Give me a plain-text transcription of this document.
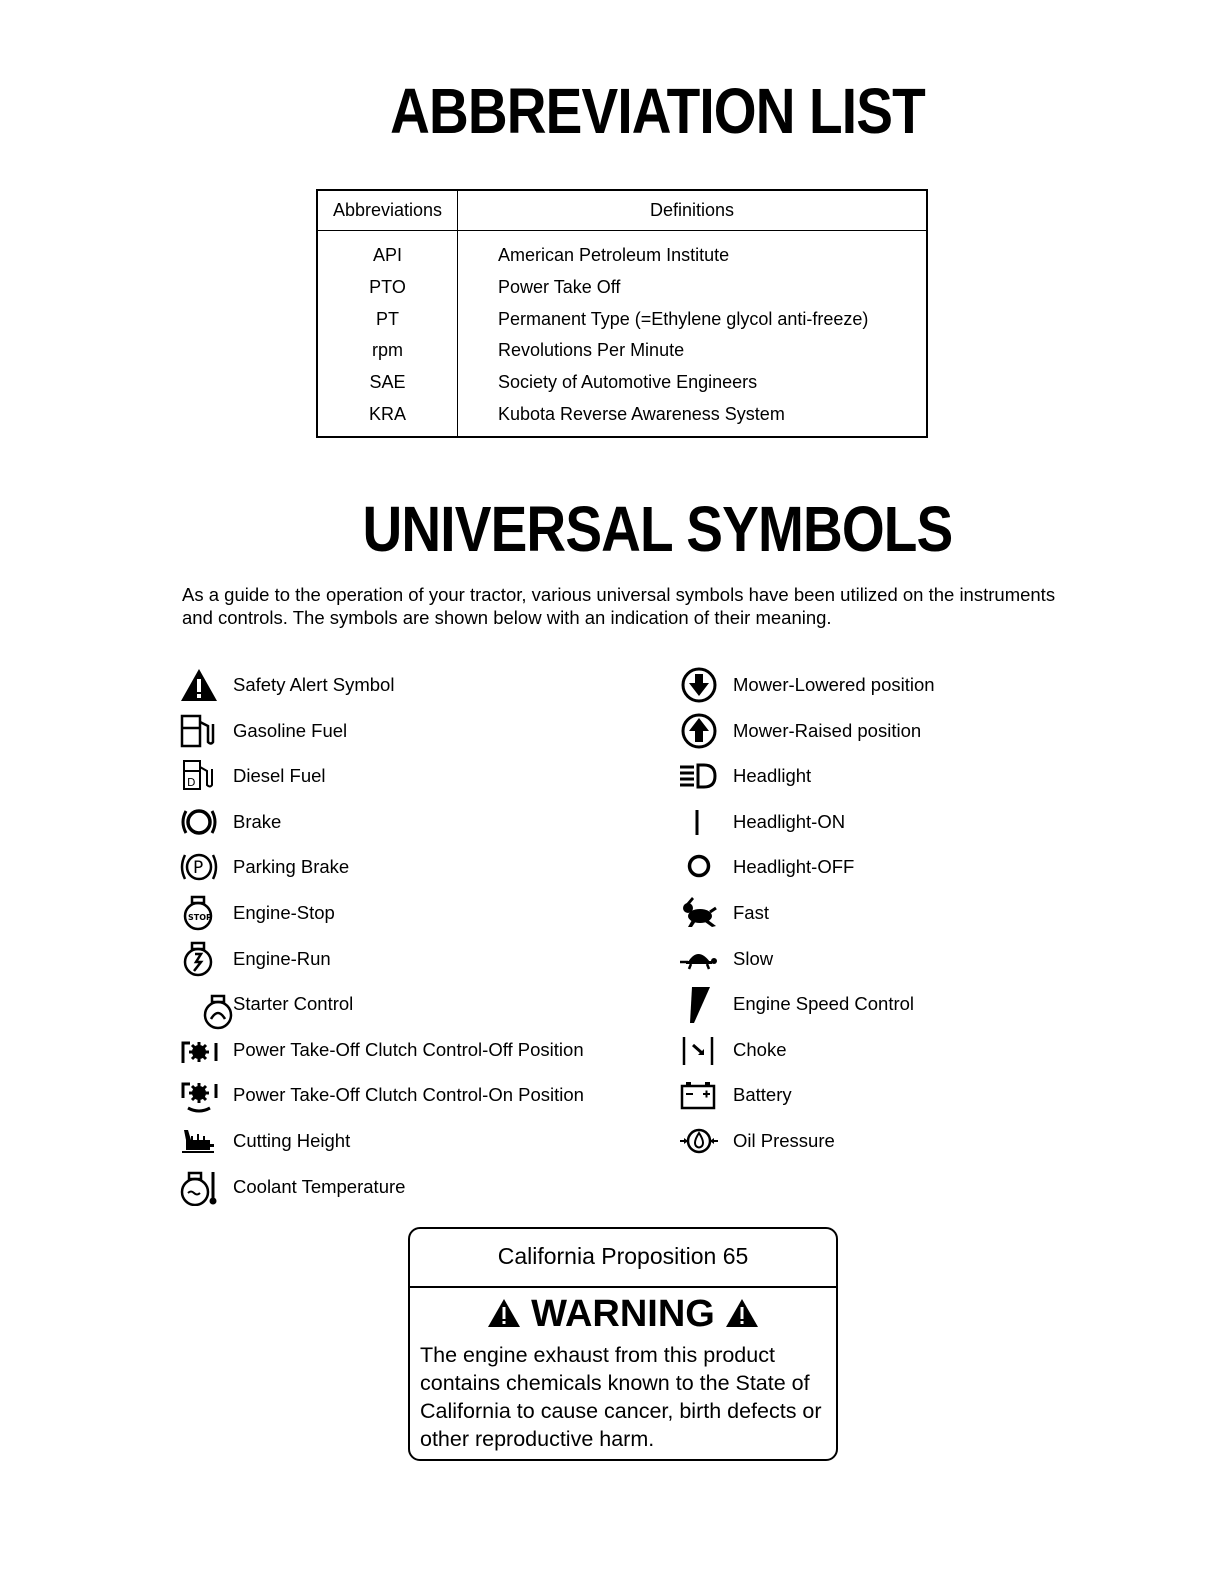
ABBREVIATION LIST
Abbreviations	Definitions
API	American Petroleum Institute
PTO	Power Take Off
PT	Permanent Type (=Ethylene glycol anti-freeze)
rpm	Revolutions Per Minute
SAE	Society of Automotive Engineers
KRA	Kubota Reverse Awareness System
UNIVERSAL SYMBOLS
As a guide to the operation of your tractor, various universal symbols have been utilized on the instruments and controls. The symbols are shown below with an indication of their meaning.
Safety Alert Symbol
Gasoline Fuel
D Diesel Fuel
Brake
P Parking Brake
STOP Engine-Stop
Engine-Run
Starter Control
Power Take-Off Clutch Control-Off Position
Power Take-Off Clutch Control-On Position
Cutting Height
Coolant Temperature
Mower-Lowered position
Mower-Raised position
Headlight
Headlight-ON
Headlight-OFF
Fast
Slow
Engine Speed Control
Choke
Battery
Oil Pressure
California Proposition 65
WARNING
The engine exhaust from this product contains chemicals known to the State of California to cause cancer, birth defects or other reproductive harm.
